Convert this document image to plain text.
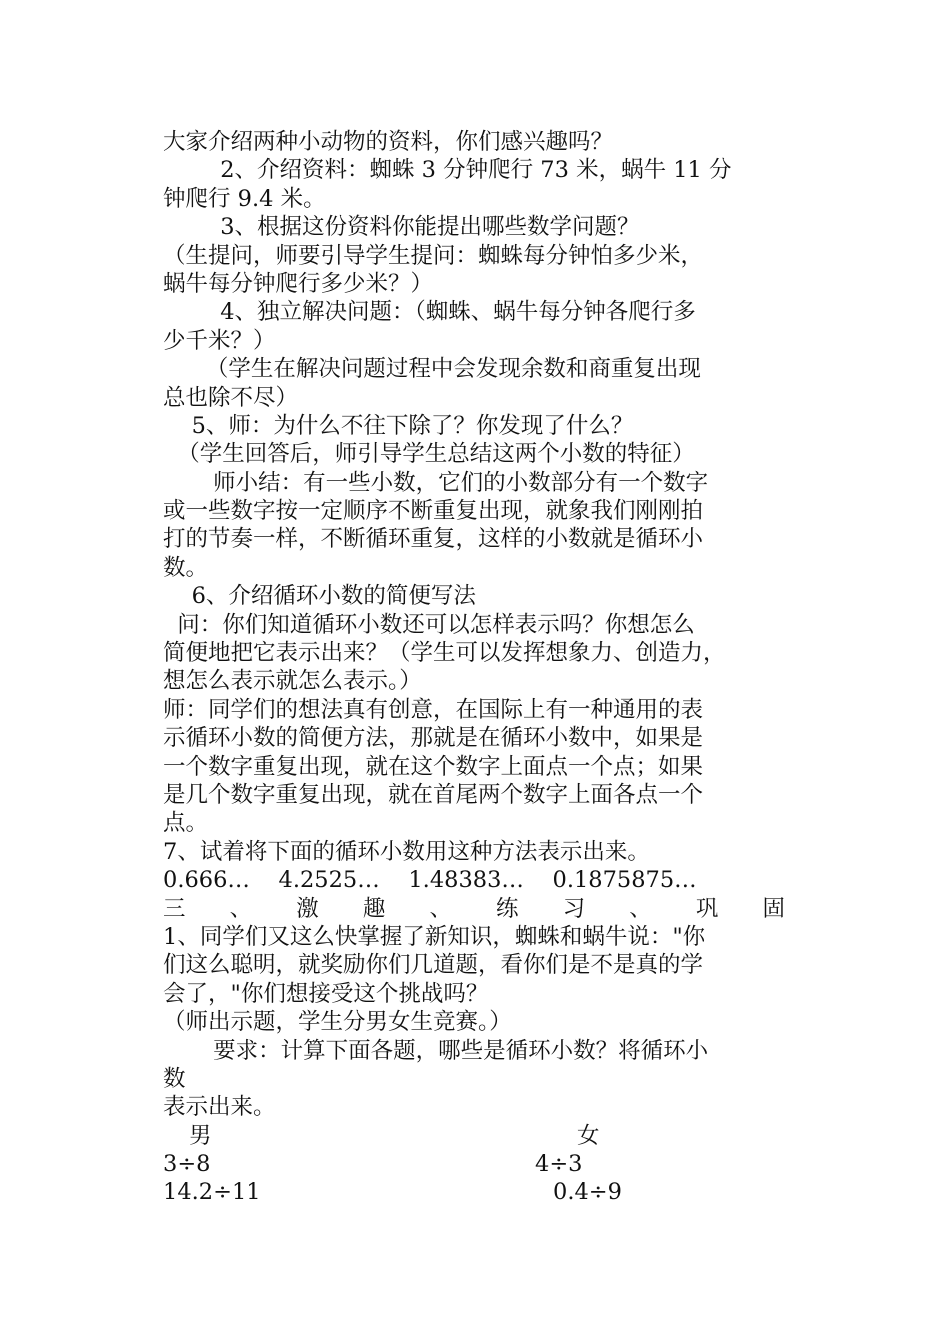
大家介绍两种小动物的资料，你们感兴趣吗？
2、介绍资料：蜘蛛 3 分钟爬行 73 米，蜗牛 11 分
钟爬行 9.4 米。
3、根据这份资料你能提出哪些数学问题？
（生提问，师要引导学生提问：蜘蛛每分钟怕多少米，
蜗牛每分钟爬行多少米？）
4、独立解决问题：（蜘蛛、蜗牛每分钟各爬行多
少千米？）
（学生在解决问题过程中会发现余数和商重复出现
总也除不尽）
5、师：为什么不往下除了？你发现了什么？
（学生回答后，师引导学生总结这两个小数的特征）
师小结：有一些小数，它们的小数部分有一个数字
或一些数字按一定顺序不断重复出现，就象我们刚刚拍
打的节奏一样，不断循环重复，这样的小数就是循环小
数。
6、介绍循环小数的简便写法
问：你们知道循环小数还可以怎样表示吗？你想怎么
简便地把它表示出来？（学生可以发挥想象力、创造力，
想怎么表示就怎么表示。）
师：同学们的想法真有创意，在国际上有一种通用的表
示循环小数的简便方法，那就是在循环小数中，如果是
一个数字重复出现，就在这个数字上面点一个点；如果
是几个数字重复出现，就在首尾两个数字上面各点一个
点。
7、试着将下面的循环小数用这种方法表示出来。
0.666…    4.2525…    1.48383…    0.1875875…
三 、 激 趣 、 练 习 、 巩 固
1、同学们又这么快掌握了新知识，蜘蛛和蜗牛说："你
们这么聪明，就奖励你们几道题，看你们是不是真的学
会了，"你们想接受这个挑战吗？
（师出示题，学生分男女生竞赛。）
要求：计算下面各题，哪些是循环小数？将循环小
数
表示出来。
男	女
3÷8	4÷3
14.2÷11	0.4÷9
